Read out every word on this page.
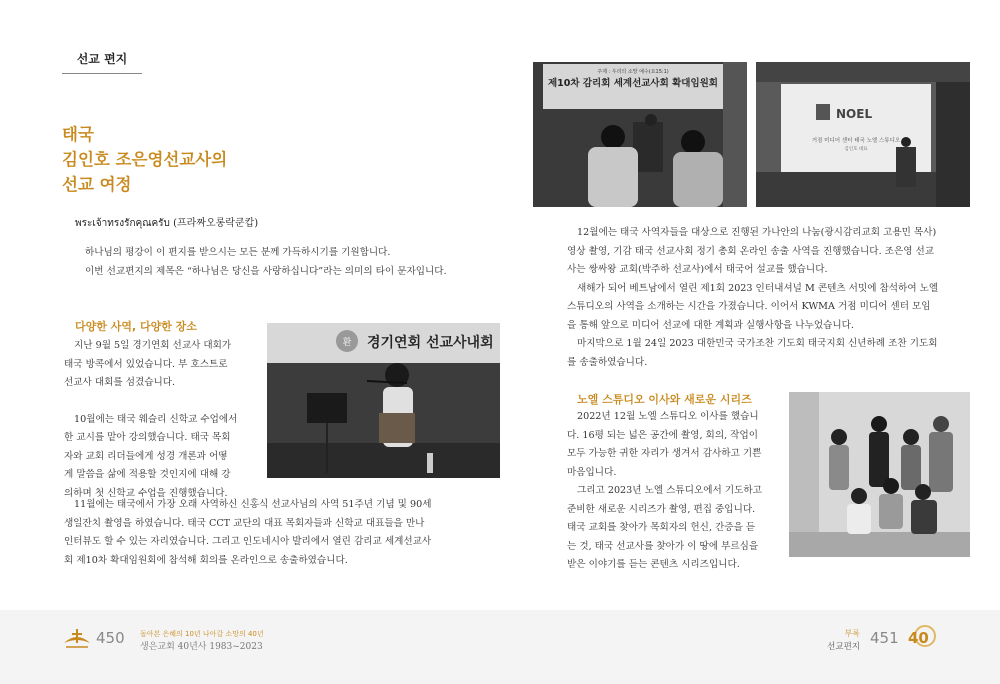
선교 편지
태국
김인호 조은영선교사의
선교 여정
พระเจ้าทรงรักคุณครับ (프라짜오롱락쿤캅)

하나님의 평강이 이 편지를 받으시는 모든 분께 가득하시기를 기원합니다.

이번 선교편지의 제목은 “하나님은 당신을 사랑하십니다”라는 의미의 타이 문자입니다.

다양한 사역, 다양한 장소

지난 9월 5일 경기연회 선교사 대회가

태국 방콕에서 있었습니다. 부 호스트로

선교사 대회를 섬겼습니다.

10월에는 태국 웨슬리 신학교 수업에서

한 교시를 맡아 강의했습니다. 태국 목회

자와 교회 리더들에게 성경 개론과 어떻

게 말씀을 삶에 적용할 것인지에 대해 강

의하며 첫 신학교 수업을 진행했습니다.

11월에는 태국에서 가장 오래 사역하신 신홍식 선교사님의 사역 51주년 기념 및 90세

생일잔치 촬영을 하였습니다. 태국 CCT 교단의 대표 목회자들과 신학교 대표들을 만나

인터뷰도 할 수 있는 자리였습니다. 그리고 인도네시아 발리에서 열린 감리교 세계선교사

회 제10차 확대임원회에 참석해 회의를 온라인으로 송출하였습니다.

환 경기연회 선교사내회
주제 : 우리의 소망 예수(요15:1)
제10차 감리회 세계선교사회 확대임원회
NOEL
거점 미디어 센터 태국 노엘 스튜디오
김인호 대표

12월에는 태국 사역자들을 대상으로 진행된 가나안의 나눔(광시감리교회 고용민 목사)

영상 촬영, 기감 태국 선교사회 정기 총회 온라인 송출 사역을 진행했습니다. 조은영 선교

사는 쌍싸왕 교회(박주하 선교사)에서 태국어 설교를 했습니다.

새해가 되어 베트남에서 열린 제1회 2023 인터내셔널 M 콘텐츠 서밋에 참석하여 노엘

스튜디오의 사역을 소개하는 시간을 가졌습니다. 이어서 KWMA 거점 미디어 센터 모임

을 통해 앞으로 미디어 선교에 대한 계획과 실행사항을 나누었습니다.

마지막으로 1월 24일 2023 대한민국 국가조찬 기도회 태국지회 신년하례 조찬 기도회

를 송출하였습니다.

노엘 스튜디오 이사와 새로운 시리즈

2022년 12월 노엘 스튜디오 이사를 했습니

다. 16평 되는 넓은 공간에 촬영, 회의, 작업이

모두 가능한 귀한 자리가 생겨서 감사하고 기쁜

마음입니다.

그리고 2023년 노엘 스튜디오에서 기도하고

준비한 새로운 시리즈가 촬영, 편집 중입니다.

태국 교회를 찾아가 목회자의 헌신, 간증을 듣

는 것, 태국 선교사를 찾아가 이 땅에 부르심을

받은 이야기를 듣는 콘텐츠 시리즈입니다.

450 돌아본 은혜의 10년 나아갈 소망의 40년
생은교회 40년사 1983~2023
부록
선교편지 451 40
